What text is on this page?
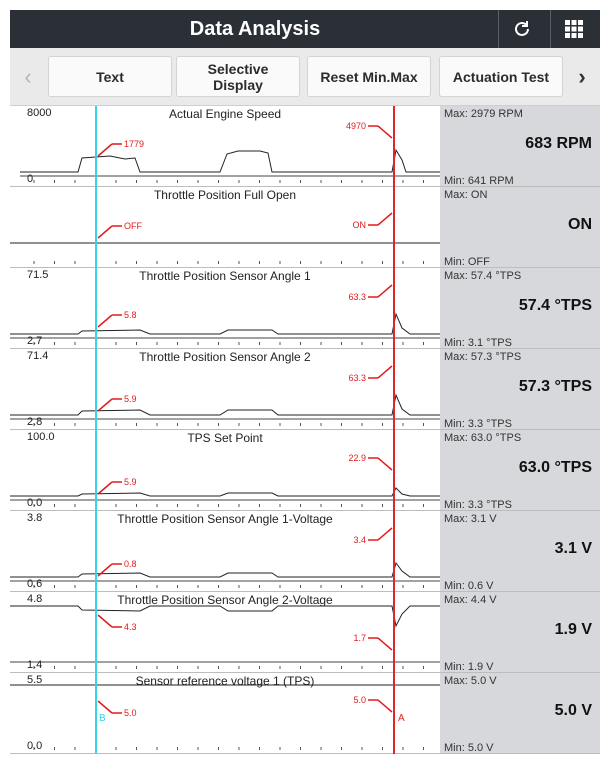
Data Analysis
‹	Text	Selective
Display	Reset Min.Max	Actuation Test	›
Actual Engine Speed
8000
0
Max: 2979 RPM
683 RPM
Min: 641 RPM
Throttle Position Full Open	Max: ON
ON
Min: OFF
Throttle Position Sensor Angle 1
71.5
2.7
Max: 57.4 °TPS
57.4 °TPS
Min: 3.1 °TPS
Throttle Position Sensor Angle 2
71.4
2.8
Max: 57.3 °TPS
57.3 °TPS
Min: 3.3 °TPS
TPS Set Point
100.0
0.0
Max: 63.0 °TPS
63.0 °TPS
Min: 3.3 °TPS
Throttle Position Sensor Angle 1-Voltage
3.8
0.6
Max: 3.1 V
3.1 V
Min: 0.6 V
Throttle Position Sensor Angle 2-Voltage
4.8
1.4
Max: 4.4 V
1.9 V
Min: 1.9 V
Sensor reference voltage 1 (TPS)
5.5
0.0
Max: 5.0 V
5.0 V
Min: 5.0 V
1779
4970
OFF	ON
5.8
63.3
5.9
63.3
5.9
22.9
0.8
3.4
4.3
1.7
5.0
5.0
B	A
